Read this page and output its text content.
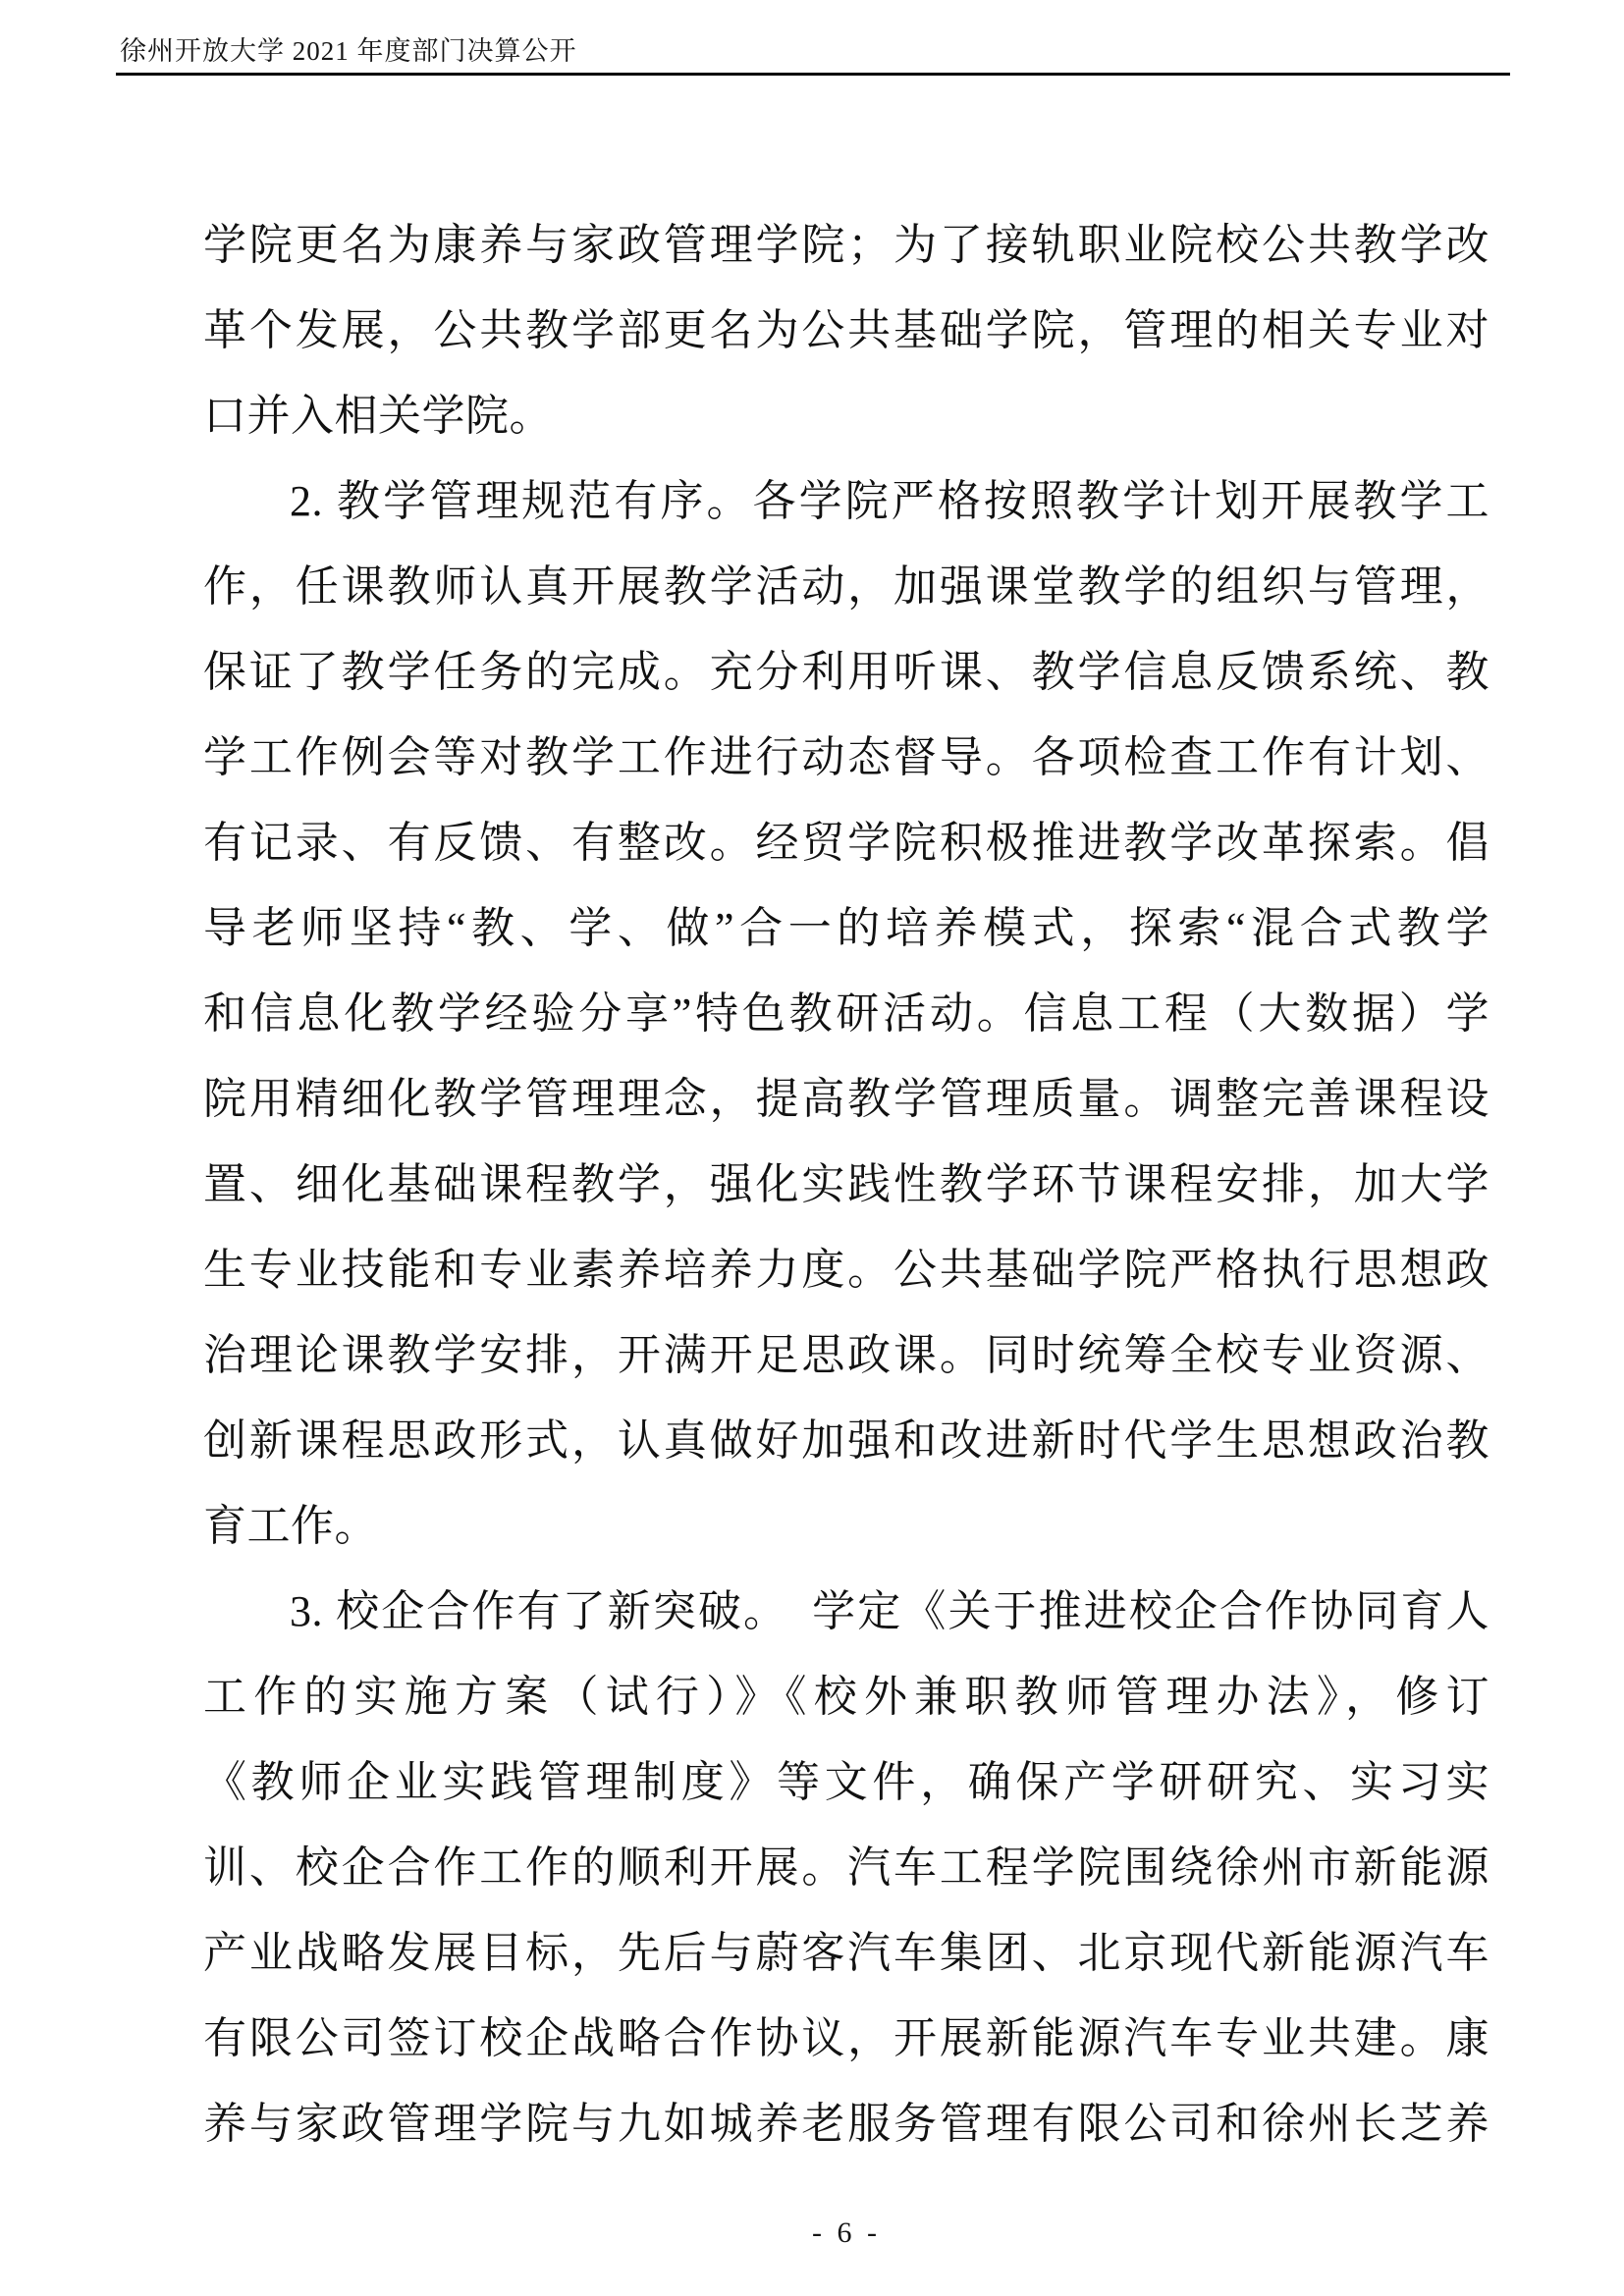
徐州开放大学 2021 年度部门决算公开
学院更名为康养与家政管理学院；为了接轨职业院校公共教学改
革个发展，公共教学部更名为公共基础学院，管理的相关专业对
口并入相关学院。
2. 教学管理规范有序。各学院严格按照教学计划开展教学工
作，任课教师认真开展教学活动，加强课堂教学的组织与管理，
保证了教学任务的完成。充分利用听课、教学信息反馈系统、教
学工作例会等对教学工作进行动态督导。各项检查工作有计划、
有记录、有反馈、有整改。经贸学院积极推进教学改革探索。倡
导老师坚持“教、学、做”合一的培养模式，探索“混合式教学
和信息化教学经验分享”特色教研活动。信息工程（大数据）学
院用精细化教学管理理念，提高教学管理质量。调整完善课程设
置、细化基础课程教学，强化实践性教学环节课程安排，加大学
生专业技能和专业素养培养力度。公共基础学院严格执行思想政
治理论课教学安排，开满开足思政课。同时统筹全校专业资源、
创新课程思政形式，认真做好加强和改进新时代学生思想政治教
育工作。
3. 校企合作有了新突破。　学定《关于推进校企合作协同育人
工作的实施方案（试行）》《校外兼职教师管理办法》，修订
《教师企业实践管理制度》等文件，确保产学研研究、实习实
训、校企合作工作的顺利开展。汽车工程学院围绕徐州市新能源
产业战略发展目标，先后与蔚客汽车集团、北京现代新能源汽车
有限公司签订校企战略合作协议，开展新能源汽车专业共建。康
养与家政管理学院与九如城养老服务管理有限公司和徐州长芝养
- 6 -
